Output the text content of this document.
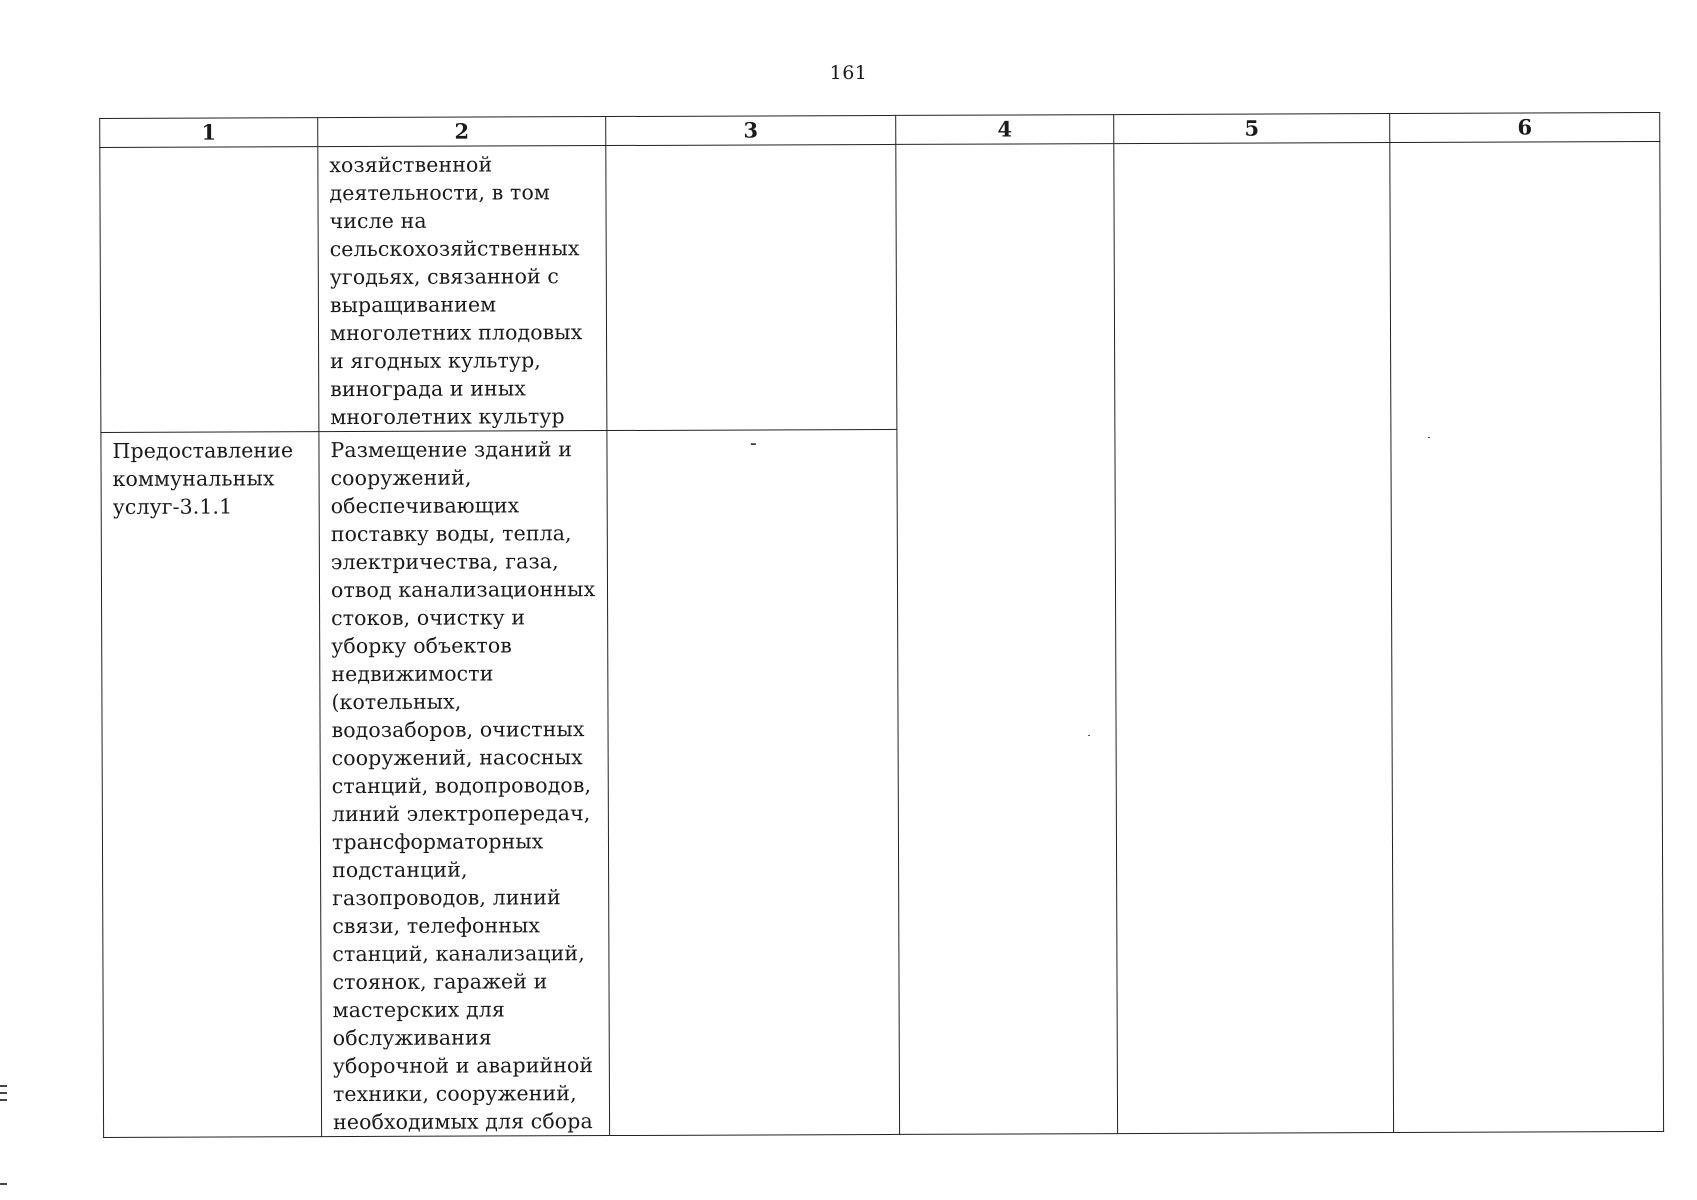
161
1	2	3	4	5	6

	хозяйственной деятельности, в том числе на сельскохозяйственных угодьях, связанной с выращиванием многолетних плодовых и ягодных культур, винограда и иных многолетних культур				

Предоставление коммунальных услуг-3.1.1	Размещение зданий и сооружений, обеспечивающих поставку воды, тепла, электричества, газа, отвод канализационных стоков, очистку и уборку объектов недвижимости (котельных, водозаборов, очистных сооружений, насосных станций, водопроводов, линий электропередач, трансформаторных подстанций, газопроводов, линий связи, телефонных станций, канализаций, стоянок, гаражей и мастерских для обслуживания уборочной и аварийной техники, сооружений, необходимых для сбора	-			
